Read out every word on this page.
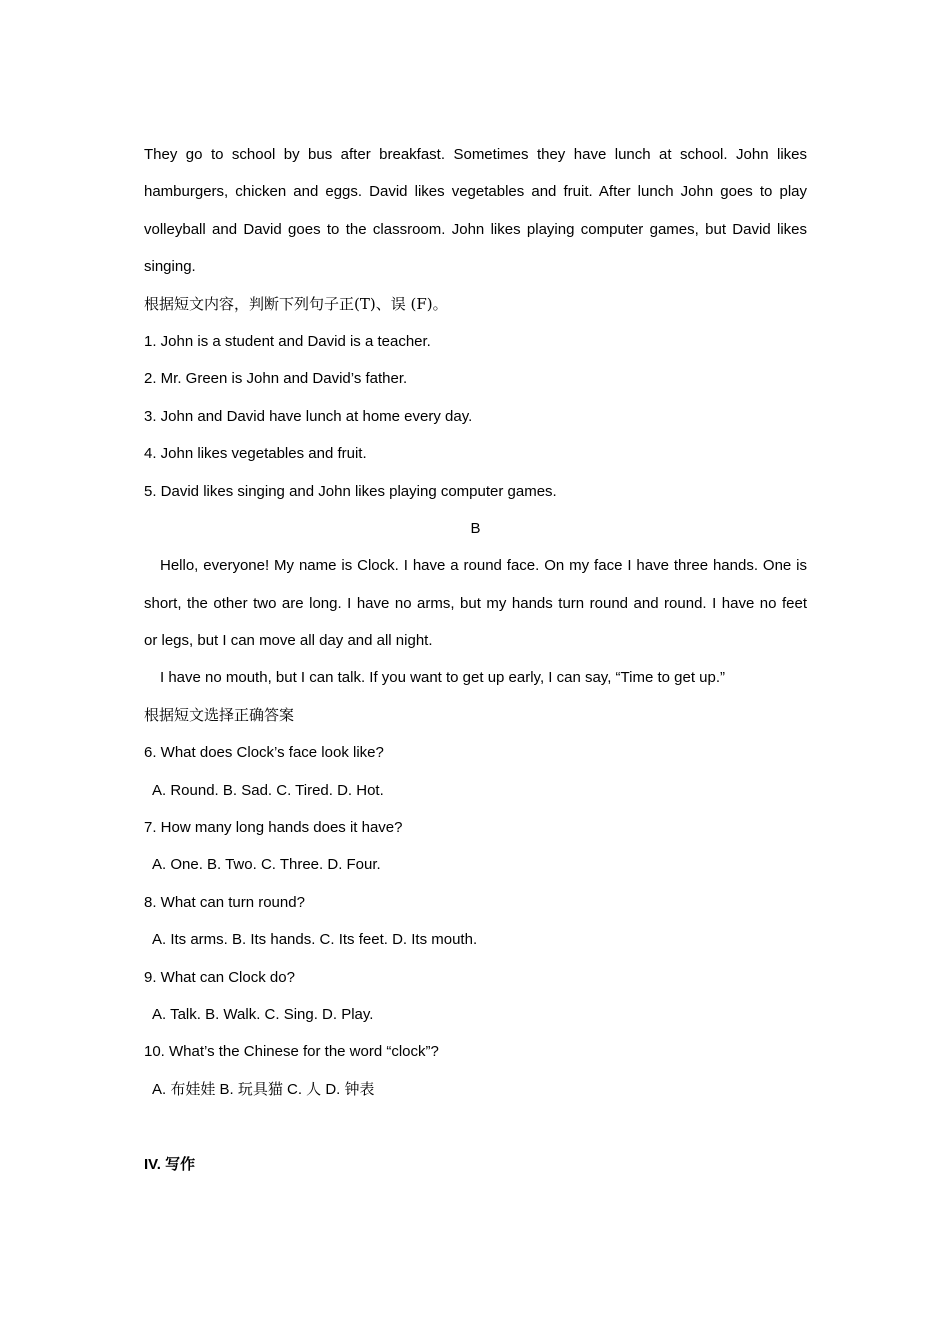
They go to school by bus after breakfast. Sometimes they have lunch at school. John likes
hamburgers, chicken and eggs. David likes vegetables and fruit. After lunch John goes to play
volleyball and David goes to the classroom. John likes playing computer games, but David likes
singing.
根据短文内容，判断下列句子正(T)、误 (F)。
1. John is a student and David is a teacher.
2. Mr. Green is John and David’s father.
3. John and David have lunch at home every day.
4. John likes vegetables and fruit.
5. David likes singing and John likes playing computer games.
B
Hello, everyone! My name is Clock. I have a round face. On my face I have three hands. One is
short, the other two are long. I have no arms, but my hands turn round and round. I have no feet
or legs, but I can move all day and all night.
I have no mouth, but I can talk. If you want to get up early, I can say, “Time to get up.”
根据短文选择正确答案
6. What does Clock’s face look like?
A. Round. B. Sad. C. Tired. D. Hot.
7. How many long hands does it have?
A. One. B. Two. C. Three. D. Four.
8. What can turn round?
A. Its arms. B. Its hands. C. Its feet. D. Its mouth.
9. What can Clock do?
A. Talk. B. Walk. C. Sing. D. Play.
10. What’s the Chinese for the word “clock”?
A. 布娃娃 B. 玩具猫 C. 人 D. 钟表
IV. 写作
